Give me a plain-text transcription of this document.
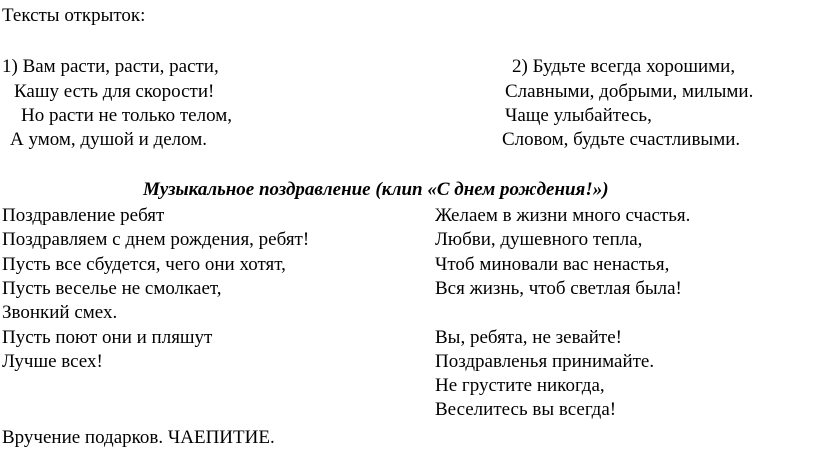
Тексты открыток:
1) Вам расти, расти, расти,
Кашу есть для скорости!
Но расти не только телом,
А умом, душой и делом.
2) Будьте всегда хорошими,
Славными, добрыми, милыми.
Чаще улыбайтесь,
Словом, будьте счастливыми.
Музыкальное поздравление (клип «С днем рождения!»)
Поздравление ребят
Поздравляем с днем рождения, ребят!
Пусть все сбудется, чего они хотят,
Пусть веселье не смолкает,
Звонкий смех.
Пусть поют они и пляшут
Лучше всех!
Желаем в жизни много счастья.
Любви, душевного тепла,
Чтоб миновали вас ненастья,
Вся жизнь, чтоб светлая была!
Вы, ребята, не зевайте!
Поздравленья принимайте.
Не грустите никогда,
Веселитесь вы всегда!
Вручение подарков. ЧАЕПИТИЕ.
